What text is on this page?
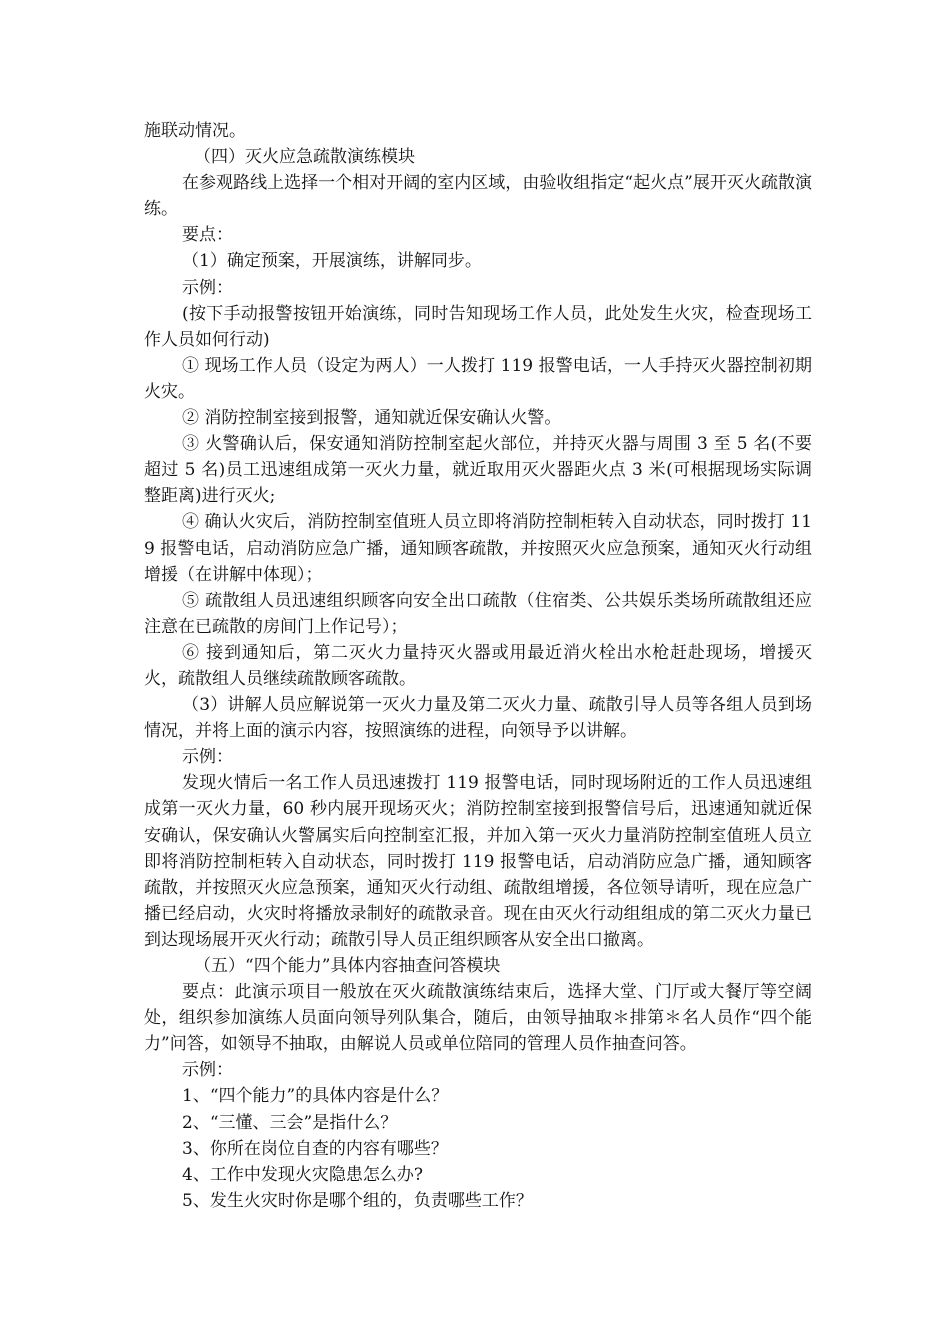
施联动情况。

（四）灭火应急疏散演练模块

在参观路线上选择一个相对开阔的室内区域，由验收组指定“起火点”展开灭火疏散演练。

要点：

（1）确定预案，开展演练，讲解同步。

示例：

(按下手动报警按钮开始演练，同时告知现场工作人员，此处发生火灾，检查现场工作人员如何行动)

① 现场工作人员（设定为两人）一人拨打 119 报警电话，一人手持灭火器控制初期火灾。

② 消防控制室接到报警，通知就近保安确认火警。

③ 火警确认后，保安通知消防控制室起火部位，并持灭火器与周围 3 至 5 名(不要超过 5 名)员工迅速组成第一灭火力量，就近取用灭火器距火点 3 米(可根据现场实际调整距离)进行灭火;

④ 确认火灾后，消防控制室值班人员立即将消防控制柜转入自动状态，同时拨打 119 报警电话，启动消防应急广播，通知顾客疏散，并按照灭火应急预案，通知灭火行动组增援（在讲解中体现）；

⑤ 疏散组人员迅速组织顾客向安全出口疏散（住宿类、公共娱乐类场所疏散组还应注意在已疏散的房间门上作记号）；

⑥ 接到通知后，第二灭火力量持灭火器或用最近消火栓出水枪赶赴现场，增援灭火，疏散组人员继续疏散顾客疏散。

（3）讲解人员应解说第一灭火力量及第二灭火力量、疏散引导人员等各组人员到场情况，并将上面的演示内容，按照演练的进程，向领导予以讲解。

示例：

发现火情后一名工作人员迅速拨打 119 报警电话，同时现场附近的工作人员迅速组成第一灭火力量，60 秒内展开现场灭火；消防控制室接到报警信号后，迅速通知就近保安确认，保安确认火警属实后向控制室汇报，并加入第一灭火力量消防控制室值班人员立即将消防控制柜转入自动状态，同时拨打 119 报警电话，启动消防应急广播，通知顾客疏散，并按照灭火应急预案，通知灭火行动组、疏散组增援，各位领导请听，现在应急广播已经启动，火灾时将播放录制好的疏散录音。现在由灭火行动组组成的第二灭火力量已到达现场展开灭火行动；疏散引导人员正组织顾客从安全出口撤离。

（五）“四个能力”具体内容抽查问答模块

要点：此演示项目一般放在灭火疏散演练结束后，选择大堂、门厅或大餐厅等空阔处，组织参加演练人员面向领导列队集合，随后，由领导抽取＊排第＊名人员作“四个能力”问答，如领导不抽取，由解说人员或单位陪同的管理人员作抽查问答。

示例：

1、“四个能力”的具体内容是什么？

2、“三懂、三会”是指什么？

3、你所在岗位自查的内容有哪些？

4、工作中发现火灾隐患怎么办?

5、发生火灾时你是哪个组的，负责哪些工作？
